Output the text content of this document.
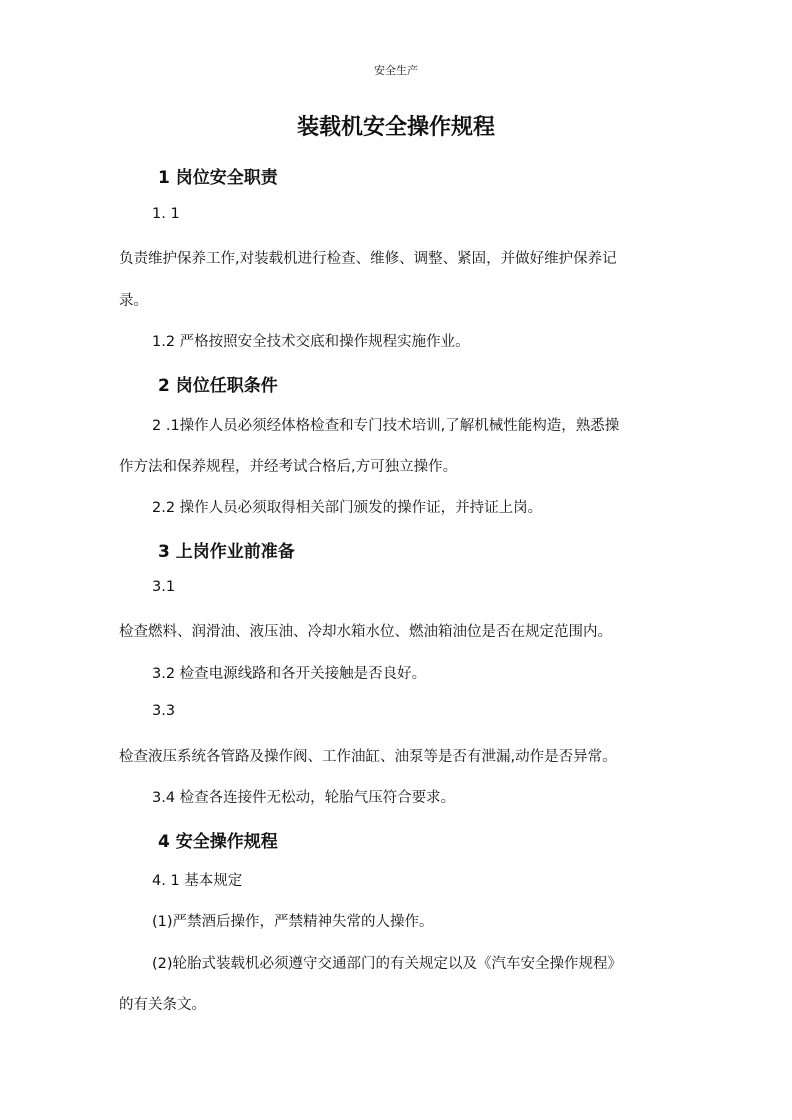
安全生产
装载机安全操作规程
1 岗位安全职责
1. 1
负责维护保养工作,对装载机进行检查、维修、调整、紧固，并做好维护保养记
录。
1.2 严格按照安全技术交底和操作规程实施作业。
2 岗位任职条件
2 .1操作人员必须经体格检查和专门技术培训,了解机械性能构造，熟悉操
作方法和保养规程，并经考试合格后,方可独立操作。
2.2 操作人员必须取得相关部门颁发的操作证，并持证上岗。
3 上岗作业前准备
3.1
检查燃料、润滑油、液压油、冷却水箱水位、燃油箱油位是否在规定范围内。
3.2 检查电源线路和各开关接触是否良好。
3.3
检查液压系统各管路及操作阀、工作油缸、油泵等是否有泄漏,动作是否异常。
3.4 检查各连接件无松动，轮胎气压符合要求。
4 安全操作规程
4. 1 基本规定
(1)严禁酒后操作，严禁精神失常的人操作。
(2)轮胎式装载机必须遵守交通部门的有关规定以及《汽车安全操作规程》
的有关条文。
